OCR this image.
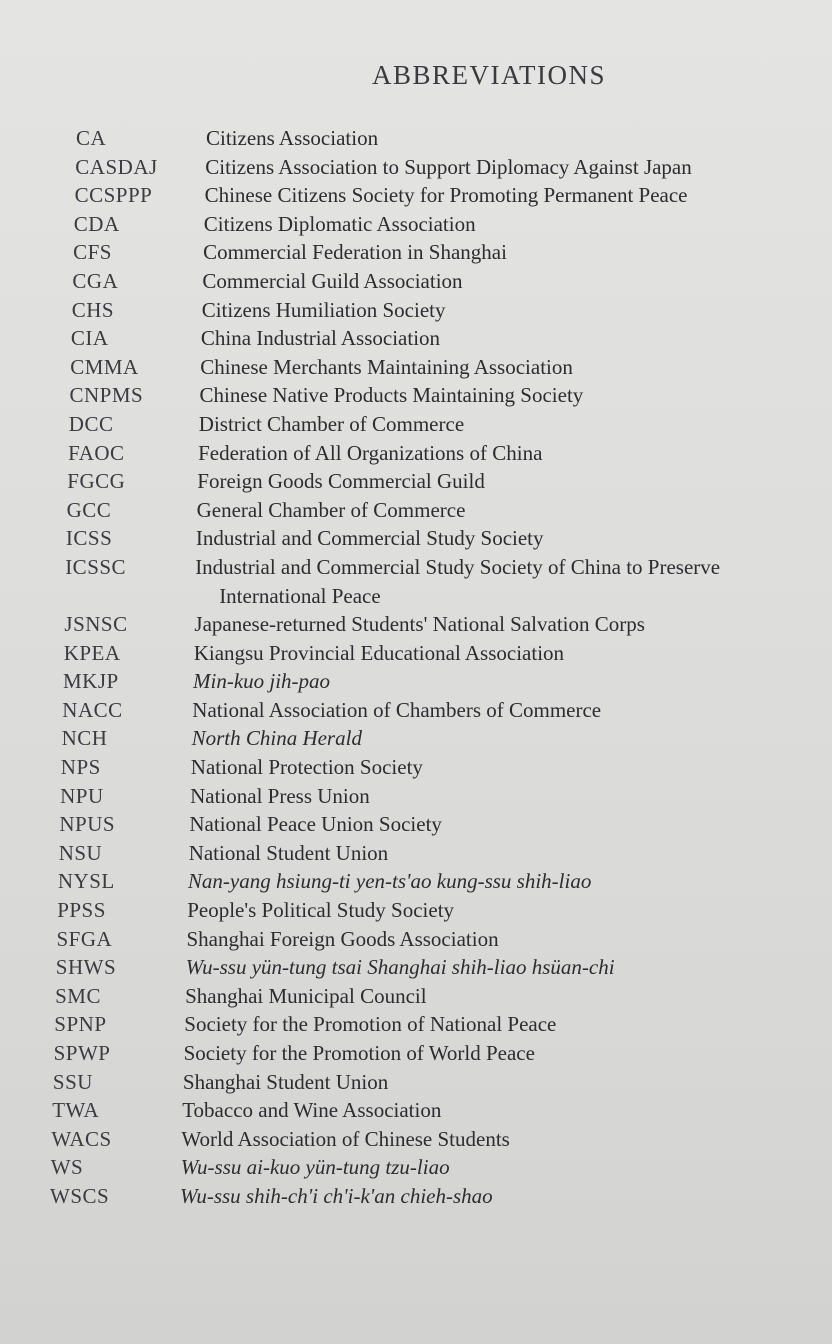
ABBREVIATIONS
CA	Citizens Association
CASDAJ	Citizens Association to Support Diplomacy Against Japan
CCSPPP	Chinese Citizens Society for Promoting Permanent Peace
CDA	Citizens Diplomatic Association
CFS	Commercial Federation in Shanghai
CGA	Commercial Guild Association
CHS	Citizens Humiliation Society
CIA	China Industrial Association
CMMA	Chinese Merchants Maintaining Association
CNPMS	Chinese Native Products Maintaining Society
DCC	District Chamber of Commerce
FAOC	Federation of All Organizations of China
FGCG	Foreign Goods Commercial Guild
GCC	General Chamber of Commerce
ICSS	Industrial and Commercial Study Society
ICSSC	Industrial and Commercial Study Society of China to Preserve
International Peace
JSNSC	Japanese-returned Students' National Salvation Corps
KPEA	Kiangsu Provincial Educational Association
MKJP	Min-kuo jih-pao
NACC	National Association of Chambers of Commerce
NCH	North China Herald
NPS	National Protection Society
NPU	National Press Union
NPUS	National Peace Union Society
NSU	National Student Union
NYSL	Nan-yang hsiung-ti yen-ts'ao kung-ssu shih-liao
PPSS	People's Political Study Society
SFGA	Shanghai Foreign Goods Association
SHWS	Wu-ssu yün-tung tsai Shanghai shih-liao hsüan-chi
SMC	Shanghai Municipal Council
SPNP	Society for the Promotion of National Peace
SPWP	Society for the Promotion of World Peace
SSU	Shanghai Student Union
TWA	Tobacco and Wine Association
WACS	World Association of Chinese Students
WS	Wu-ssu ai-kuo yün-tung tzu-liao
WSCS	Wu-ssu shih-ch'i ch'i-k'an chieh-shao
